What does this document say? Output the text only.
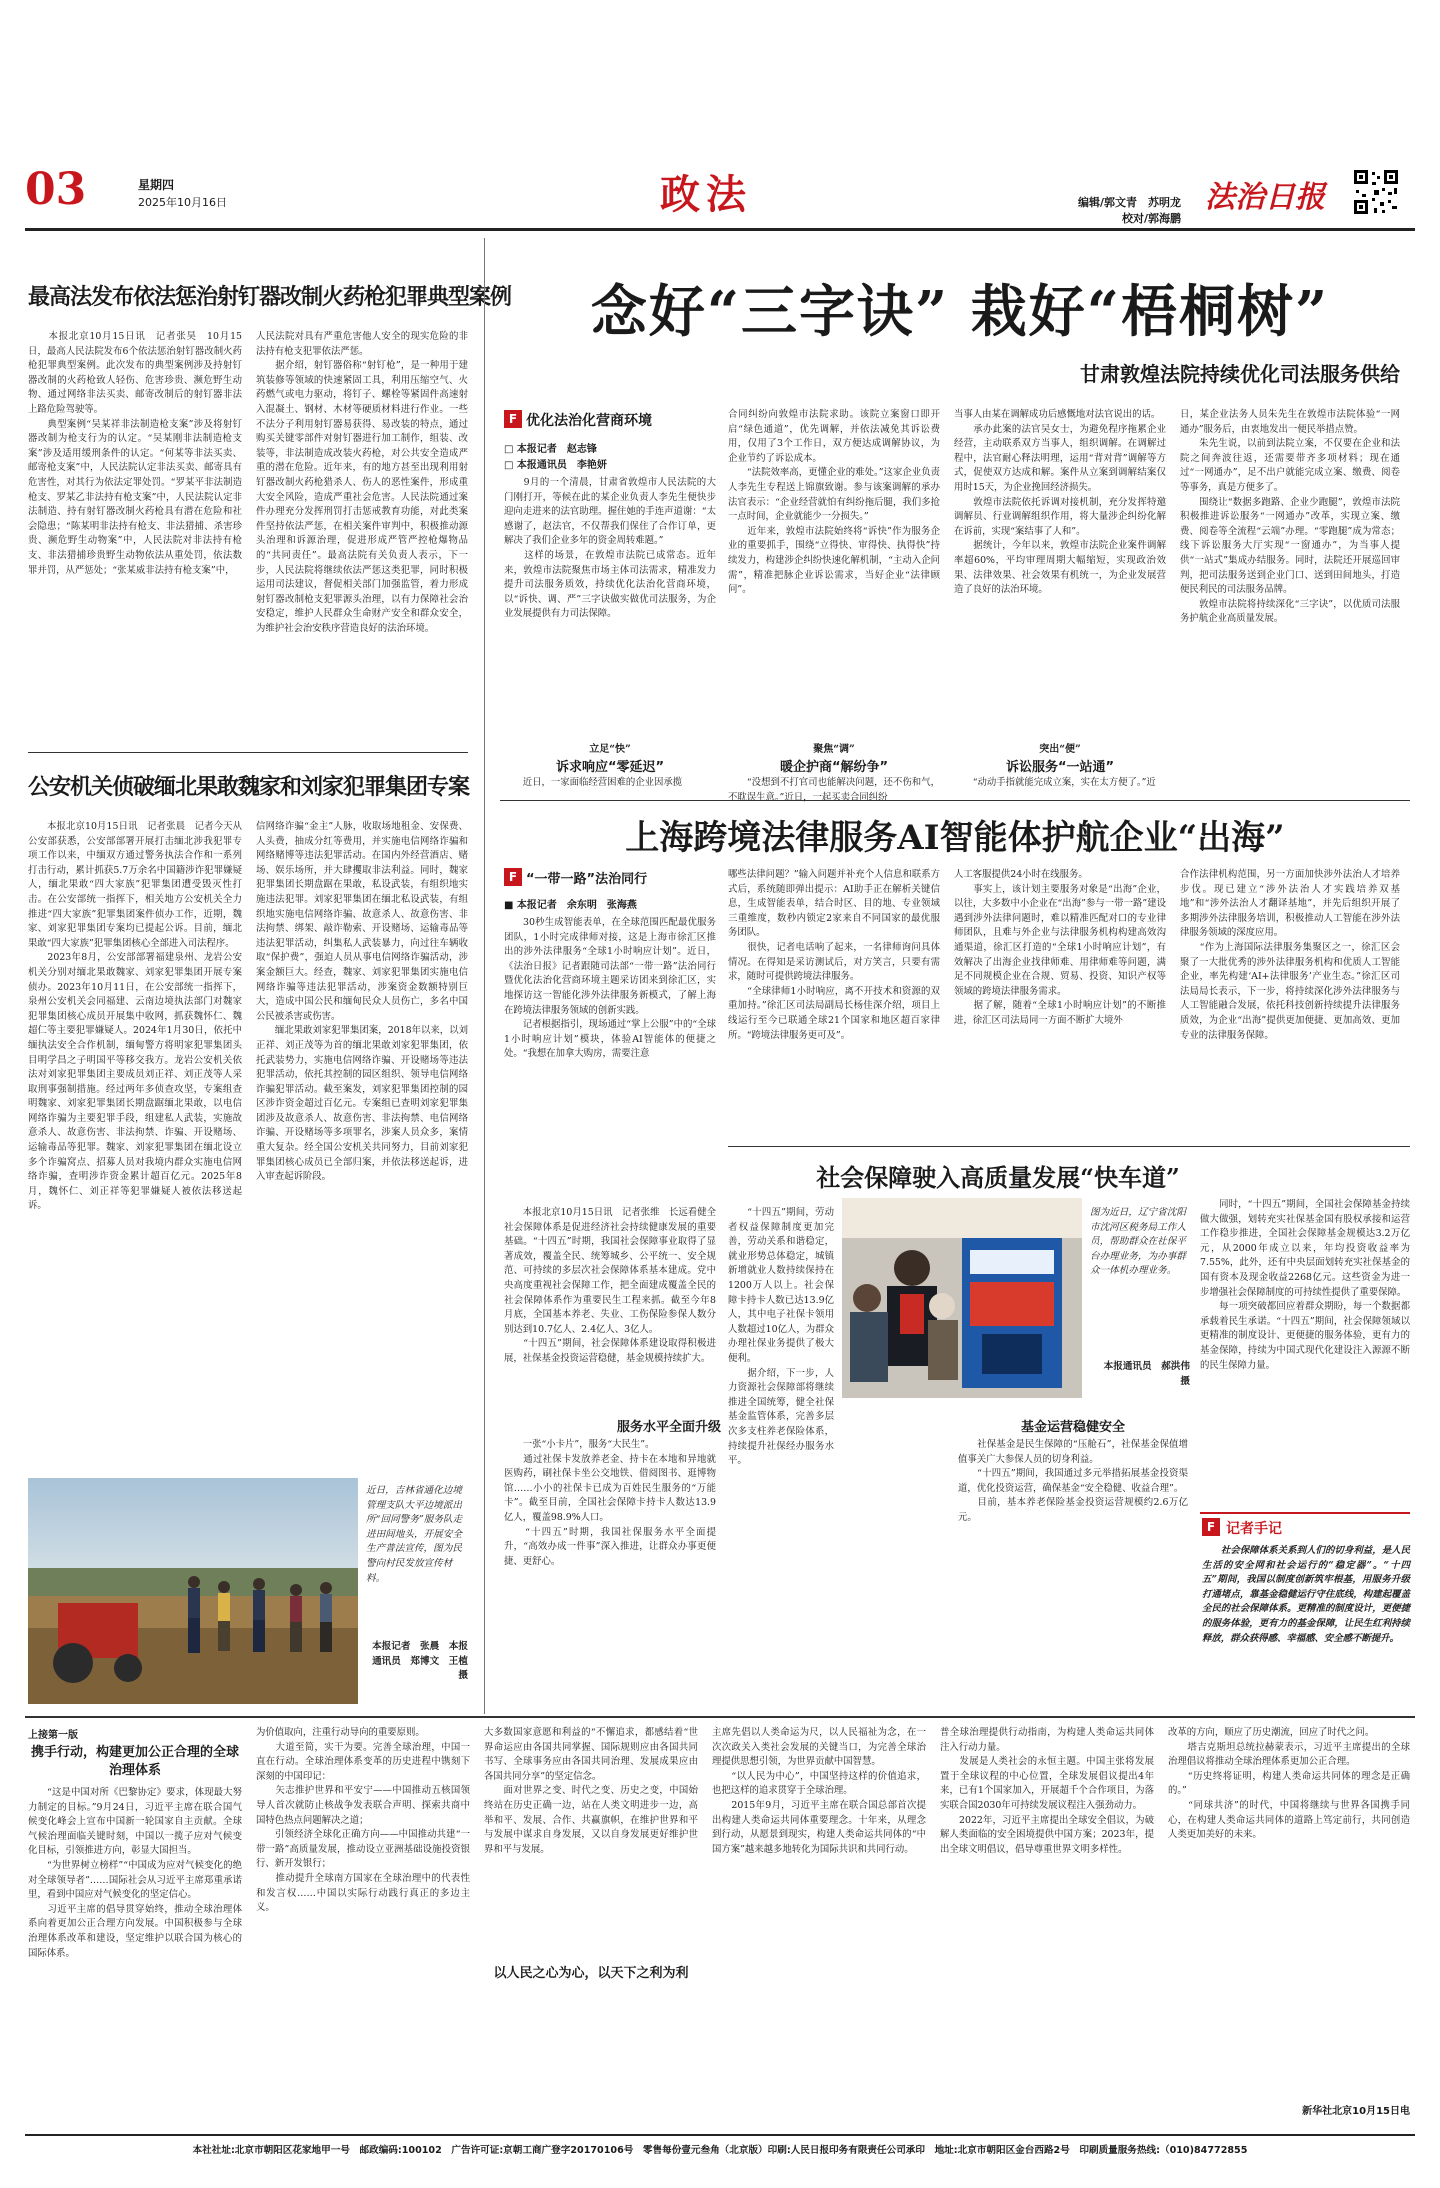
03	星期四
2025年10月16日	政法	编辑/郭文青　苏明龙
校对/郭海鹏
法治日报
最高法发布依法惩治射钉器改制火药枪犯罪典型案例
　　本报北京10月15日讯　记者张昊　10月15日，最高人民法院发布6个依法惩治射钉器改制火药枪犯罪典型案例。此次发布的典型案例涉及持射钉器改制的火药枪致人轻伤、危害珍贵、濒危野生动物、通过网络非法买卖、邮寄改制后的射钉器非法上路危险驾驶等。
　　典型案例“吴某祥非法制造枪支案”涉及将射钉器改制为枪支行为的认定。“吴某刚非法制造枪支案”涉及适用缓刑条件的认定。“何某等非法买卖、邮寄枪支案”中，人民法院认定非法买卖、邮寄具有危害性，对其行为依法定罪处罚。“罗某平非法制造枪支、罗某乙非法持有枪支案”中，人民法院认定非法制造、持有射钉器改制火药枪具有潜在危险和社会隐患；“陈某明非法持有枪支、非法猎捕、杀害珍贵、濒危野生动物案”中，人民法院对非法持有枪支、非法猎捕珍贵野生动物依法从重处罚，依法数罪并罚，从严惩处；“张某威非法持有枪支案”中，
人民法院对具有严重危害他人安全的现实危险的非法持有枪支犯罪依法严惩。
　　据介绍，射钉器俗称“射钉枪”，是一种用于建筑装修等领域的快速紧固工具，利用压缩空气、火药燃气或电力驱动，将钉子、螺栓等紧固件高速射入混凝土、钢材、木材等硬质材料进行作业。一些不法分子利用射钉器易获得、易改装的特点，通过购买关键零部件对射钉器进行加工制作，组装、改装等，非法制造成改装火药枪，对公共安全造成严重的潜在危险。近年来，有的地方甚至出现利用射钉器改制火药枪猎杀人、伤人的恶性案件，形成重大安全风险，造成严重社会危害。人民法院通过案件办理充分发挥刑罚打击惩戒教育功能，对此类案件坚持依法严惩，在相关案件审判中，积极推动源头治理和诉源治理，促进形成严管严控枪爆物品的“共同责任”。最高法院有关负责人表示，下一步，人民法院将继续依法严惩这类犯罪，同时积极运用司法建议，督促相关部门加强监管，着力形成射钉器改制枪支犯罪源头治理，以有力保障社会治安稳定，维护人民群众生命财产安全和群众安全，为维护社会治安秩序营造良好的法治环境。
公安机关侦破缅北果敢魏家和刘家犯罪集团专案
　　本报北京10月15日讯　记者张晨　记者今天从公安部获悉，公安部部署开展打击缅北涉我犯罪专项工作以来，中缅双方通过警务执法合作和一系列打击行动，累计抓获5.7万余名中国籍涉诈犯罪嫌疑人，缅北果敢“四大家族”犯罪集团遭受毁灭性打击。在公安部统一指挥下，相关地方公安机关全力推进“四大家族”犯罪集团案件侦办工作，近期，魏家、刘家犯罪集团专案均已提起公诉。目前，缅北果敢“四大家族”犯罪集团核心全部进入司法程序。
　　2023年8月，公安部部署福建泉州、龙岩公安机关分别对缅北果敢魏家、刘家犯罪集团开展专案侦办。2023年10月11日，在公安部统一指挥下，泉州公安机关会同福建、云南边境执法部门对魏家犯罪集团核心成员开展集中收网，抓获魏怀仁、魏超仁等主要犯罪嫌疑人。2024年1月30日，依托中缅执法安全合作机制，缅甸警方将明家犯罪集团头目明学昌之子明国平等移交我方。龙岩公安机关依法对刘家犯罪集团主要成员刘正祥、刘正茂等人采取刑事强制措施。经过两年多侦查攻坚，专案组查明魏家、刘家犯罪集团长期盘踞缅北果敢，以电信网络诈骗为主要犯罪手段，组建私人武装，实施故意杀人、故意伤害、非法拘禁、诈骗、开设赌场、运输毒品等犯罪。魏家、刘家犯罪集团在缅北设立多个诈骗窝点、招募人员对我境内群众实施电信网络诈骗，查明涉诈资金累计超百亿元。2025年8月，魏怀仁、刘正祥等犯罪嫌疑人被依法移送起诉。
信网络诈骗“金主”人脉，收取场地租金、安保费、人头费，抽成分红等费用，并实施电信网络诈骗和网络赌博等违法犯罪活动。在国内外经营酒店、赌场、娱乐场所，并大肆攫取非法利益。同时，魏家犯罪集团长期盘踞在果敢，私设武装，有组织地实施违法犯罪。刘家犯罪集团在缅北私设武装，有组织地实施电信网络诈骗、故意杀人、故意伤害、非法拘禁、绑架、敲诈勒索、开设赌场、运输毒品等违法犯罪活动，纠集私人武装暴力，向过往车辆收取“保护费”，强迫人员从事电信网络诈骗活动，涉案金额巨大。经查，魏家、刘家犯罪集团实施电信网络诈骗等违法犯罪活动，涉案资金数额特别巨大，造成中国公民和缅甸民众人员伤亡，多名中国公民被杀害或伤害。
　　缅北果敢刘家犯罪集团案，2018年以来，以刘正祥、刘正茂等为首的缅北果敢刘家犯罪集团，依托武装势力，实施电信网络诈骗、开设赌场等违法犯罪活动，依托其控制的园区组织、领导电信网络诈骗犯罪活动。截至案发，刘家犯罪集团控制的园区涉诈资金超过百亿元。专案组已查明刘家犯罪集团涉及故意杀人、故意伤害、非法拘禁、电信网络诈骗、开设赌场等多项罪名，涉案人员众多，案情重大复杂。经全国公安机关共同努力，目前刘家犯罪集团核心成员已全部归案，并依法移送起诉，进入审查起诉阶段。
近日，吉林省通化边境管理支队大平边境派出所“回同警务”服务队走进田间地头，开展安全生产普法宣传，图为民警向村民发放宣传材料。
本报记者　张晨　本报通讯员　郑博文　王植　摄
念好“三字诀” 栽好“梧桐树”
甘肃敦煌法院持续优化司法服务供给
F 优化法治化营商环境
□ 本报记者　赵志锋
□ 本报通讯员　李艳妍
　　9月的一个清晨，甘肃省敦煌市人民法院的大门刚打开，等候在此的某企业负责人李先生便快步迎向走进来的法官助理。握住她的手连声道谢：“太感谢了，赵法官，不仅帮我们保住了合作订单，更解决了我们企业多年的资金周转难题。”
　　这样的场景，在敦煌市法院已成常态。近年来，敦煌市法院聚焦市场主体司法需求，精准发力提升司法服务质效，持续优化法治化营商环境，以“诉快、调、严”三字诀做实做优司法服务，为企业发展提供有力司法保障。
合同纠纷向敦煌市法院求助。该院立案窗口即开启“绿色通道”，优先调解，并依法减免其诉讼费用，仅用了3个工作日，双方便达成调解协议，为企业节约了诉讼成本。
　　“法院效率高，更懂企业的难处。”这家企业负责人李先生专程送上锦旗致谢。参与该案调解的承办法官表示：“企业经营就怕有纠纷拖后腿，我们多抢一点时间，企业就能少一分损失。”
　　近年来，敦煌市法院始终将“诉快”作为服务企业的重要抓手，围绕“立得快、审得快、执得快”持续发力，构建涉企纠纷快速化解机制，“主动入企问需”，精准把脉企业诉讼需求，当好企业“法律顾问”。
当事人由某在调解成功后感慨地对法官说出的话。
　　承办此案的法官吴女士，为避免程序拖累企业经营，主动联系双方当事人，组织调解。在调解过程中，法官耐心释法明理，运用“背对背”调解等方式，促使双方达成和解。案件从立案到调解结案仅用时15天，为企业挽回经济损失。
　　敦煌市法院依托诉调对接机制，充分发挥特邀调解员、行业调解组织作用，将大量涉企纠纷化解在诉前，实现“案结事了人和”。
　　据统计，今年以来，敦煌市法院企业案件调解率超60%，平均审理周期大幅缩短，实现政治效果、法律效果、社会效果有机统一，为企业发展营造了良好的法治环境。
日，某企业法务人员朱先生在敦煌市法院体验“一网通办”服务后，由衷地发出一便民举措点赞。
　　朱先生说，以前到法院立案，不仅要在企业和法院之间奔波往返，还需要带齐多项材料；现在通过“一网通办”，足不出户就能完成立案、缴费、阅卷等事务，真是方便多了。
　　围绕让“数据多跑路、企业少跑腿”，敦煌市法院积极推进诉讼服务“一网通办”改革，实现立案、缴费、阅卷等全流程“云端”办理。“零跑腿”成为常态；线下诉讼服务大厅实现“一窗通办”，为当事人提供“一站式”集成办结服务。同时，法院还开展巡回审判，把司法服务送到企业门口、送到田间地头，打造便民利民的司法服务品牌。
　　敦煌市法院将持续深化“三字诀”，以优质司法服务护航企业高质量发展。
立足“快”
诉求响应“零延迟”
　　近日，一家面临经营困难的企业因承揽
聚焦“调”
暖企护商“解纷争”
　　“没想到不打官司也能解决问题，还不伤和气，不耽误生意。”近日，一起买卖合同纠纷
突出“便”
诉讼服务“一站通”
　　“动动手指就能完成立案，实在太方便了。”近
上海跨境法律服务AI智能体护航企业“出海”
F “一带一路”法治同行
■ 本报记者　余东明　张海燕
　　30秒生成智能表单，在全球范围匹配最优服务团队，1小时完成律师对接，这是上海市徐汇区推出的涉外法律服务“全球1小时响应计划”。近日，《法治日报》记者跟随司法部“一带一路”法治同行暨优化法治化营商环境主题采访团来到徐汇区，实地探访这一智能化涉外法律服务新模式，了解上海在跨境法律服务领域的创新实践。
　　记者根据指引，现场通过“掌上公服”中的“全球1小时响应计划”模块，体验AI智能体的便捷之处。“我想在加拿大购房，需要注意
哪些法律问题？”输入问题并补充个人信息和联系方式后，系统随即弹出提示：AI助手正在解析关键信息，生成智能表单，结合时区、目的地、专业领域三重维度，数秒内锁定2家来自不同国家的最优服务团队。
　　很快，记者电话响了起来，一名律师询问具体情况。在得知是采访测试后，对方笑言，只要有需求，随时可提供跨境法律服务。
　　“全球律师1小时响应，离不开技术和资源的双重加持。”徐汇区司法局副局长杨佳深介绍，项目上线运行至今已联通全球21个国家和地区超百家律所。“跨境法律服务更可及”。
人工客服提供24小时在线服务。
　　事实上，该计划主要服务对象是“出海”企业，以往，大多数中小企业在“出海”参与一带一路”建设遇到涉外法律问题时，难以精准匹配对口的专业律师团队，且难与外企业与法律服务机构构建高效沟通渠道，徐汇区打造的“全球1小时响应计划”，有效解决了出海企业找律师难、用律师难等问题，满足不同规模企业在合规、贸易、投资、知识产权等领域的跨境法律服务需求。
　　据了解，随着“全球1小时响应计划”的不断推进，徐汇区司法局同一方面不断扩大境外
合作法律机构范围，另一方面加快涉外法治人才培养步伐。现已建立“涉外法治人才实践培养双基地”和“涉外法治人才翻译基地”，并先后组织开展了多期涉外法律服务培训，积极推动人工智能在涉外法律服务领域的深度应用。
　　“作为上海国际法律服务集聚区之一，徐汇区会聚了一大批优秀的涉外法律服务机构和优质人工智能企业，率先构建‘AI+法律服务’产业生态。”徐汇区司法局局长表示，下一步，将持续深化涉外法律服务与人工智能融合发展，依托科技创新持续提升法律服务质效，为企业“出海”提供更加便捷、更加高效、更加专业的法律服务保障。
社会保障驶入高质量发展“快车道”
　　本报北京10月15日讯　记者张维　长远看健全社会保障体系是促进经济社会持续健康发展的重要基础。“十四五”时期，我国社会保障事业取得了显著成效，覆盖全民、统筹城乡、公平统一、安全规范、可持续的多层次社会保障体系基本建成。党中央高度重视社会保障工作，把全面建成覆盖全民的社会保障体系作为重要民生工程来抓。截至今年8月底，全国基本养老、失业、工伤保险参保人数分别达到10.7亿人、2.4亿人、3亿人。
　　“十四五”期间，社会保障体系建设取得积极进展，社保基金投资运营稳健，基金规模持续扩大。
　　“十四五”期间，劳动者权益保障制度更加完善，劳动关系和谐稳定，就业形势总体稳定，城镇新增就业人数持续保持在1200万人以上。社会保障卡持卡人数已达13.9亿人，其中电子社保卡领用人数超过10亿人，为群众办理社保业务提供了极大便利。
　　据介绍，下一步，人力资源社会保障部将继续推进全国统筹，健全社保基金监管体系，完善多层次多支柱养老保险体系，持续提升社保经办服务水平。
图为近日，辽宁省沈阳市沈河区税务局工作人员，帮助群众在社保平台办理业务，为办事群众一体机办理业务。
本报通讯员　郝洪伟　摄
　　同时，“十四五”期间，全国社会保障基金持续做大做强，划转充实社保基金国有股权承接和运营工作稳步推进，全国社会保障基金规模达3.2万亿元，从2000年成立以来，年均投资收益率为7.55%，此外，还有中央层面划转充实社保基金的国有资本及现金收益2268亿元。这些资金为进一步增强社会保障制度的可持续性提供了重要保障。
　　每一项突破都回应着群众期盼，每一个数据都承载着民生承诺。“十四五”期间，社会保障领域以更精准的制度设计、更便捷的服务体验，更有力的基金保障，持续为中国式现代化建设注入源源不断的民生保障力量。
服务水平全面升级
　　一张“小卡片”，服务“大民生”。
　　通过社保卡发放养老金、持卡在本地和异地就医购药，刷社保卡坐公交地铁、借阅图书、逛博物馆……小小的社保卡已成为百姓民生服务的“万能卡”。截至目前，全国社会保障卡持卡人数达13.9亿人，覆盖98.9%人口。
　　“十四五”时期，我国社保服务水平全面提升，“高效办成一件事”深入推进，让群众办事更便捷、更舒心。
基金运营稳健安全
　　社保基金是民生保障的“压舱石”，社保基金保值增值事关广大参保人员的切身利益。
　　“十四五”期间，我国通过多元举措拓展基金投资渠道，优化投资运营，确保基金“安全稳健、收益合理”。
　　目前，基本养老保险基金投资运营规模约2.6万亿元。
F 记者手记
　　社会保障体系关系到人们的切身利益，是人民生活的安全网和社会运行的“稳定器”。“十四五”期间，我国以制度创新筑牢根基，用服务升级打通堵点，靠基金稳健运行守住底线，构建起覆盖全民的社会保障体系。更精准的制度设计，更便捷的服务体验，更有力的基金保障，让民生红利持续释放，群众获得感、幸福感、安全感不断提升。
上接第一版
携手行动，构建更加公正合理的全球治理体系
　　“这是中国对所《巴黎协定》要求，体现最大努力制定的目标。”9月24日，习近平主席在联合国气候变化峰会上宣布中国新一轮国家自主贡献。全球气候治理面临关键时刻，中国以一揽子应对气候变化目标，引领推进方向，彰显大国担当。
　　“为世界树立榜样”“中国成为应对气候变化的绝对全球领导者”……国际社会从习近平主席郑重承诺里，看到中国应对气候变化的坚定信心。
　　习近平主席的倡导贯穿始终，推动全球治理体系向着更加公正合理方向发展。中国积极参与全球治理体系改革和建设，坚定维护以联合国为核心的国际体系。
为价值取向，注重行动导向的重要原则。
　　大道至简，实干为要。完善全球治理，中国一直在行动。全球治理体系变革的历史进程中镌刻下深刻的中国印记：
　　矢志推护世界和平安宁——中国推动五核国领导人首次就防止核战争发表联合声明、探索共商中国特色热点问题解决之道；
　　引领经济全球化正确方向——中国推动共建“一带一路”高质量发展，推动设立亚洲基础设施投资银行、新开发银行；
　　推动提升全球南方国家在全球治理中的代表性和发言权……中国以实际行动践行真正的多边主义。
大多数国家意愿和利益的“不懈追求，都感结着“世界命运应由各国共同掌握、国际规则应由各国共同书写、全球事务应由各国共同治理、发展成果应由各国共同分享”的坚定信念。
　　面对世界之变、时代之变、历史之变，中国始终站在历史正确一边，站在人类文明进步一边，高举和平、发展、合作、共赢旗帜，在维护世界和平与发展中谋求自身发展，又以自身发展更好维护世界和平与发展。
以人民之心为心，以天下之利为利
主席先倡以人类命运为尺，以人民福祉为念，在一次次政关入类社会发展的关键当口，为完善全球治理提供思想引领，为世界贡献中国智慧。
　　“以人民为中心”，中国坚持这样的价值追求，也把这样的追求贯穿于全球治理。
　　2015年9月，习近平主席在联合国总部首次提出构建人类命运共同体重要理念。十年来，从理念到行动，从愿景到现实，构建人类命运共同体的“中国方案”越来越多地转化为国际共识和共同行动。
普全球治理提供行动指南，为构建人类命运共同体注入行动力量。
　　发展是人类社会的永恒主题。中国主张将发展置于全球议程的中心位置，全球发展倡议提出4年来，已有1个国家加入，开展超千个合作项目，为落实联合国2030年可持续发展议程注入强劲动力。
　　2022年，习近平主席提出全球安全倡议，为破解人类面临的安全困境提供中国方案；2023年，提出全球文明倡议，倡导尊重世界文明多样性。
改革的方向，顺应了历史潮流，回应了时代之问。
　　塔吉克斯坦总统拉赫蒙表示，习近平主席提出的全球治理倡议将推动全球治理体系更加公正合理。
　　“历史终将证明，构建人类命运共同体的理念是正确的。”
　　“同球共济”的时代，中国将继续与世界各国携手同心，在构建人类命运共同体的道路上笃定前行，共同创造人类更加美好的未来。
新华社北京10月15日电
本社社址:北京市朝阳区花家地甲一号　邮政编码:100102　广告许可证:京朝工商广登字20170106号　零售每份壹元叁角（北京版）印刷:人民日报印务有限责任公司承印　地址:北京市朝阳区金台西路2号　印刷质量服务热线:（010)84772855
